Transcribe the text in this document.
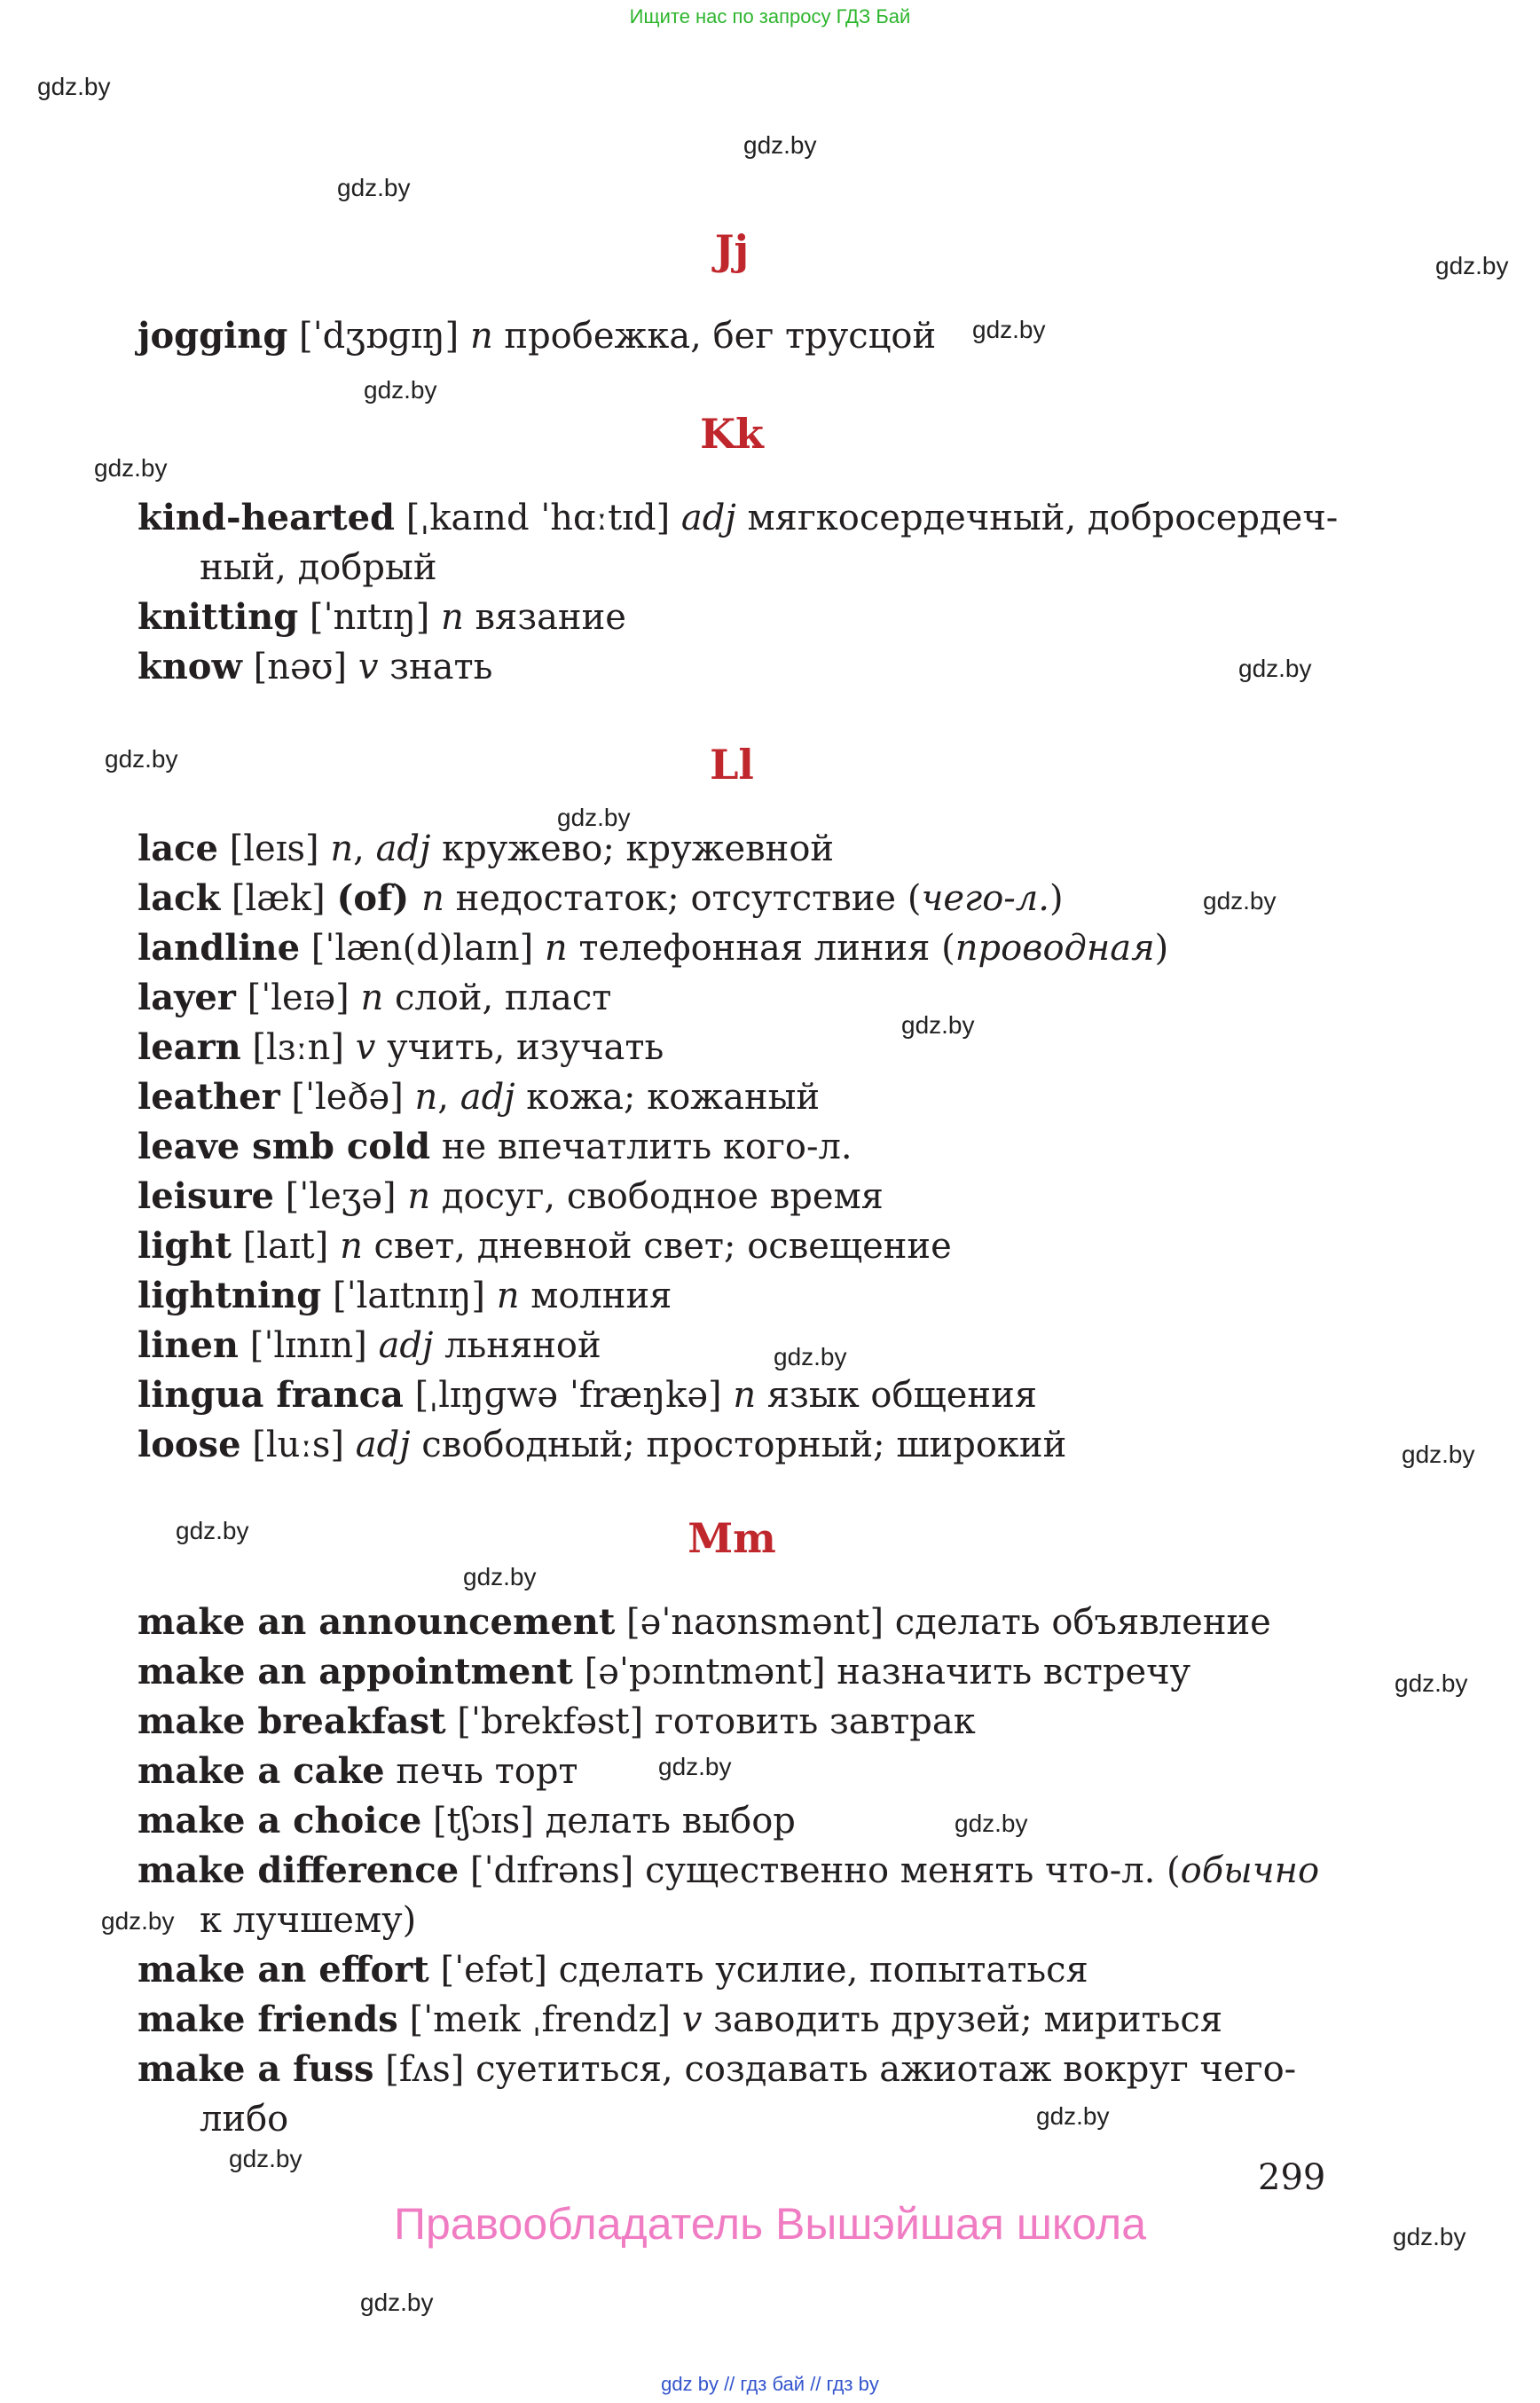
Ищите нас по запросу ГДЗ Бай
gdz.by
gdz.by
gdz.by
gdz.by
gdz.by
gdz.by
gdz.by
gdz.by
gdz.by
gdz.by
gdz.by
gdz.by
gdz.by
gdz.by
gdz.by
gdz.by
gdz.by
gdz.by
gdz.by
gdz.by
gdz.by
gdz.by
gdz.by
gdz.by
Jj
jogging [ˈdʒɒɡɪŋ] n пробежка, бег трусцой
Kk
kind-hearted [ˌkaɪnd ˈhɑːtɪd] adj мягкосердечный, добросердеч-
ный, добрый
knitting [ˈnɪtɪŋ] n вязание
know [nəʊ] v знать
Ll
lace [leɪs] n, adj кружево; кружевной
lack [læk] (of) n недостаток; отсутствие (чего-л.)
landline [ˈlæn(d)laɪn] n телефонная линия (проводная)
layer [ˈleɪə] n слой, пласт
learn [lɜːn] v учить, изучать
leather [ˈleðə] n, adj кожа; кожаный
leave smb cold не впечатлить кого-л.
leisure [ˈleʒə] n досуг, свободное время
light [laɪt] n свет, дневной свет; освещение
lightning [ˈlaɪtnɪŋ] n молния
linen [ˈlɪnɪn] adj льняной
lingua franca [ˌlɪŋɡwə ˈfræŋkə] n язык общения
loose [luːs] adj свободный; просторный; широкий
Mm
make an announcement [əˈnaʊnsmənt] сделать объявление
make an appointment [əˈpɔɪntmənt] назначить встречу
make breakfast [ˈbrekfəst] готовить завтрак
make a cake печь торт
make a choice [tʃɔɪs] делать выбор
make difference [ˈdɪfrəns] существенно менять что-л. (обычно
к лучшему)
make an effort [ˈefət] сделать усилие, попытаться
make friends [ˈmeɪk ˌfrendz] v заводить друзей; мириться
make a fuss [fʌs] суетиться, создавать ажиотаж вокруг чего-
либо
299
Правообладатель Вышэйшая школа
gdz by // гдз бай // гдз by
